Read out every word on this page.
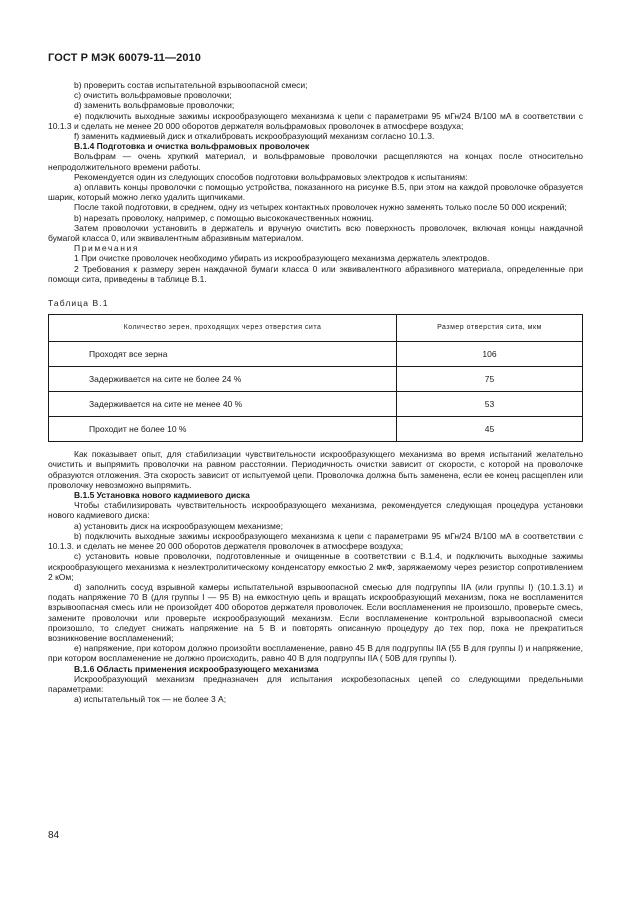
ГОСТ Р МЭК 60079-11—2010

b) проверить состав испытательной взрывоопасной смеси;

c) очистить вольфрамовые проволочки;

d) заменить вольфрамовые проволочки;

e) подключить выходные зажимы искрообразующего механизма к цепи с параметрами 95 мГн/24 В/100 мА в соответствии с 10.1.3 и сделать не менее 20 000 оборотов держателя вольфрамовых проволочек в атмосфере воздуха;

f) заменить кадмиевый диск и откалибровать искрообразующий механизм согласно 10.1.3.

B.1.4 Подготовка и очистка вольфрамовых проволочек

Вольфрам — очень хрупкий материал, и вольфрамовые проволочки расщепляются на концах после относительно непродолжительного времени работы.

Рекомендуется один из следующих способов подготовки вольфрамовых электродов к испытаниям:

a) оплавить концы проволочки с помощью устройства, показанного на рисунке B.5, при этом на каждой проволочке образуется шарик, который можно легко удалить щипчиками.

После такой подготовки, в среднем, одну из четырех контактных проволочек нужно заменять только после 50 000 искрений;

b) нарезать проволоку, например, с помощью высококачественных ножниц.

Затем проволочки установить в держатель и вручную очистить всю поверхность проволочек, включая концы наждачной бумагой класса 0, или эквивалентным абразивным материалом.

Примечания

1 При очистке проволочек необходимо убирать из искрообразующего механизма держатель электродов.

2 Требования к размеру зерен наждачной бумаги класса 0 или эквивалентного абразивного материала, определенные при помощи сита, приведены в таблице B.1.

Таблица B.1

Количество зерен, проходящих через отверстия сита	Размер отверстия сита, мкм
Проходят все зерна	106
Задерживается на сите не более 24 %	75
Задерживается на сите не менее 40 %	53
Проходит не более 10 %	45

Как показывает опыт, для стабилизации чувствительности искрообразующего механизма во время испытаний желательно очистить и выпрямить проволочки на равном расстоянии. Периодичность очистки зависит от скорости, с которой на проволочке образуются отложения. Эта скорость зависит от испытуемой цепи. Проволочка должна быть заменена, если ее конец расщеплен или проволочку невозможно выпрямить.

B.1.5 Установка нового кадмиевого диска

Чтобы стабилизировать чувствительность искрообразующего механизма, рекомендуется следующая процедура установки нового кадмиевого диска:

a) установить диск на искрообразующем механизме;

b) подключить выходные зажимы искрообразующего механизма к цепи с параметрами 95 мГн/24 В/100 мА в соответствии с 10.1.3. и сделать не менее 20 000 оборотов держателя проволочек в атмосфере воздуха;

c) установить новые проволочки, подготовленные и очищенные в соответствии с B.1.4, и подключить выходные зажимы искрообразующего механизма к неэлектролитическому конденсатору емкостью 2 мкФ, заряжаемому через резистор сопротивлением 2 кОм;

d) заполнить сосуд взрывной камеры испытательной взрывоопасной смесью для подгруппы IIA (или группы I) (10.1.3.1) и подать напряжение 70 В (для группы I — 95 В) на емкостную цепь и вращать искрообразующий механизм, пока не воспламенится взрывоопасная смесь или не произойдет 400 оборотов держателя проволочек. Если воспламенения не произошло, проверьте смесь, замените проволочки или проверьте искрообразующий механизм. Если воспламенение контрольной взрывоопасной смеси произошло, то следует снижать напряжение на 5 В и повторять описанную процедуру до тех пор, пока не прекратиться возникновение воспламенений;

e) напряжение, при котором должно произойти воспламенение, равно 45 В для подгруппы IIA (55 В для группы I) и напряжение, при котором воспламенение не должно происходить, равно 40 В для подгруппы IIA ( 50В для группы I).

B.1.6 Область применения искрообразующего механизма

Искрообразующий механизм предназначен для испытания искробезопасных цепей со следующими предельными параметрами:

a) испытательный ток — не более 3 А;

84
